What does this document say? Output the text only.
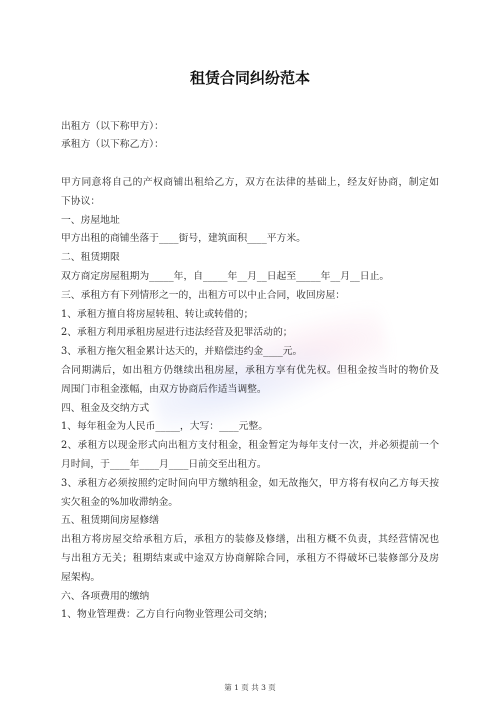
租赁合同纠纷范本
出租方（以下称甲方）：
承租方（以下称乙方）：

甲方同意将自己的产权商铺出租给乙方，双方在法律的基础上，经友好协商，制定如
下协议：
一、房屋地址
甲方出租的商铺坐落于____街号，建筑面积____平方米。
二、租赁期限
双方商定房屋租期为_____年，自_____年__月__日起至_____年__月__日止。
三、承租方有下列情形之一的，出租方可以中止合同，收回房屋：
1、承租方擅自将房屋转租、转让或转借的；
2、承租方利用承租房屋进行违法经营及犯罪活动的；
3、承租方拖欠租金累计达天的，并赔偿违约金____元。
合同期满后，如出租方仍继续出租房屋，承租方享有优先权。但租金按当时的物价及
周围门市租金涨幅，由双方协商后作适当调整。
四、租金及交纳方式
1、每年租金为人民币_____，大写：____元整。
2、承租方以现金形式向出租方支付租金，租金暂定为每年支付一次，并必须提前一个
月时间，于____年____月____日前交至出租方。
3、承租方必须按照约定时间向甲方缴纳租金，如无故拖欠，甲方将有权向乙方每天按
实欠租金的%加收滞纳金。
五、租赁期间房屋修缮
出租方将房屋交给承租方后，承租方的装修及修缮，出租方概不负责，其经营情况也
与出租方无关；租期结束或中途双方协商解除合同，承租方不得破坏已装修部分及房
屋架构。
六、各项费用的缴纳
1、物业管理费：乙方自行向物业管理公司交纳；
第 1 页 共 3 页
